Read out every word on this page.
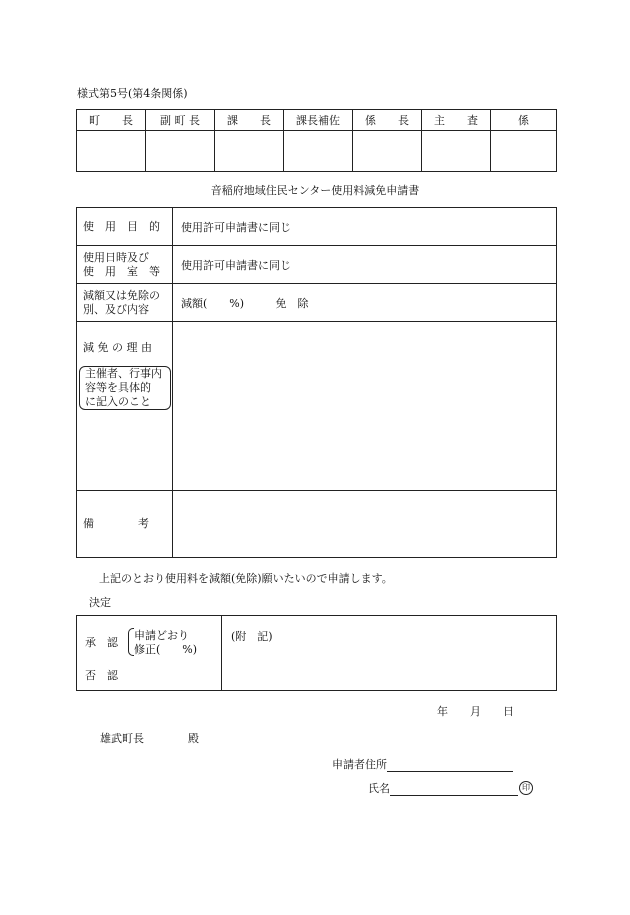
様式第5号(第4条関係)
町　　長	副 町 長	課　　長	課長補佐	係　　長	主　　査	係

音稲府地域住民センター使用料減免申請書
使　用　目　的	使用許可申請書に同じ

使用日時及び
使　用　室　等	使用許可申請書に同じ

減額又は免除の
別、及び内容	減額(　　%) 免　除

減 免 の 理 由
主催者、行事内
容等を具体的
に記入のこと	

備　　　　考	

上記のとおり使用料を減額(免除)願いたいので申請します。
決定
承　認
申請どおり
修正(　　%)
否　認

(附　記)
年　　月　　日
雄武町長　　　　殿
申請者住所
氏名	印
